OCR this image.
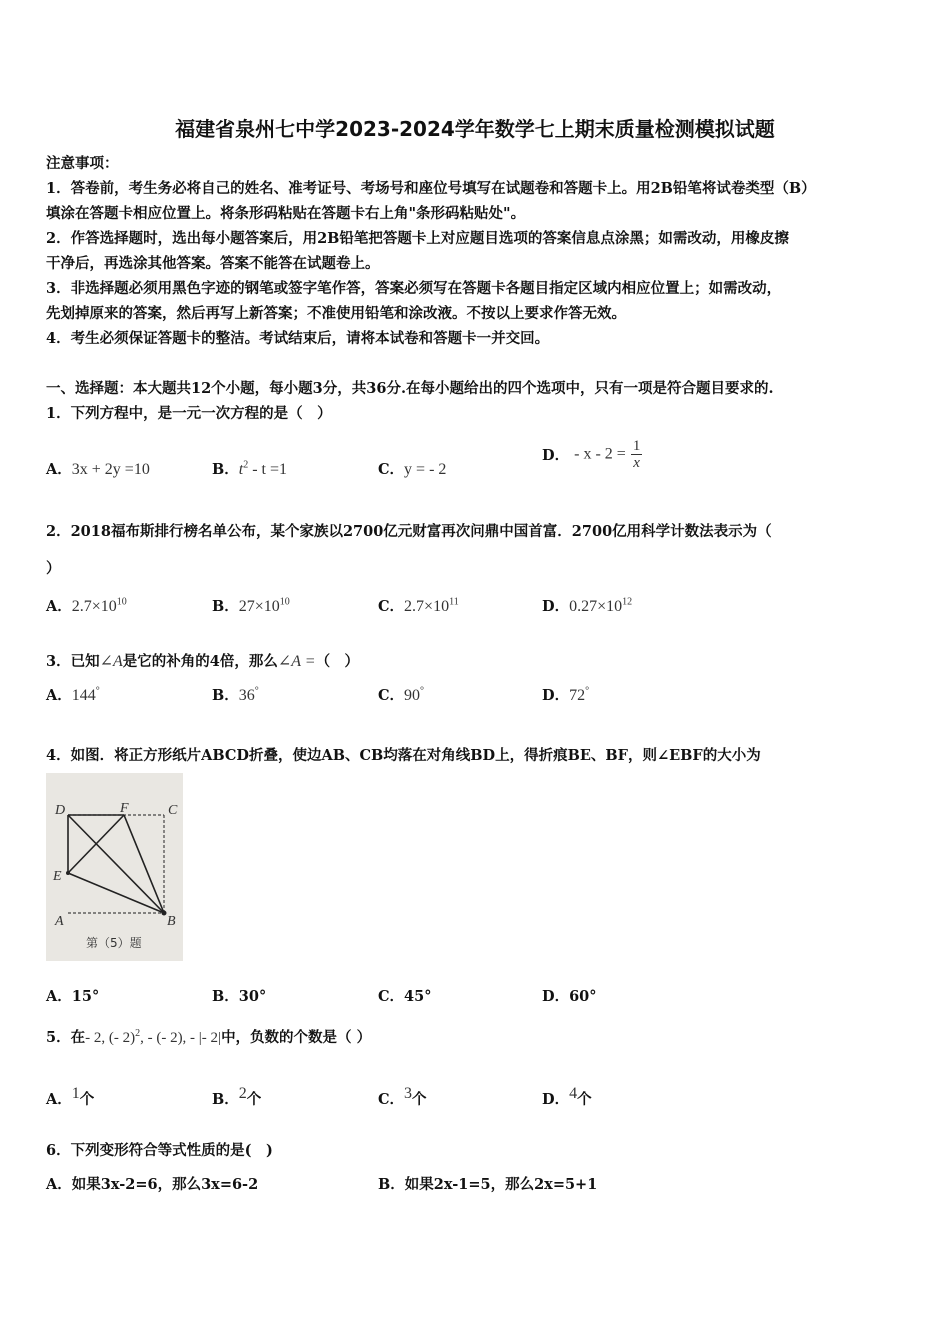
福建省泉州七中学2023-2024学年数学七上期末质量检测模拟试题
注意事项：
1．答卷前，考生务必将自己的姓名、准考证号、考场号和座位号填写在试题卷和答题卡上。用2B铅笔将试卷类型（B）
填涂在答题卡相应位置上。将条形码粘贴在答题卡右上角"条形码粘贴处"。
2．作答选择题时，选出每小题答案后，用2B铅笔把答题卡上对应题目选项的答案信息点涂黑；如需改动，用橡皮擦
干净后，再选涂其他答案。答案不能答在试题卷上。
3．非选择题必须用黑色字迹的钢笔或签字笔作答，答案必须写在答题卡各题目指定区域内相应位置上；如需改动，
先划掉原来的答案，然后再写上新答案；不准使用铅笔和涂改液。不按以上要求作答无效。
4．考生必须保证答题卡的整洁。考试结束后，请将本试卷和答题卡一并交回。
一、选择题：本大题共12个小题，每小题3分，共36分.在每小题给出的四个选项中，只有一项是符合题目要求的.
1．下列方程中，是一元一次方程的是（　）
A．3x + 2y =10	B．$t^2 - t =1$	C．y = - 2
D． - $x - 2 = \frac{1}{x}$
2．2018福布斯排行榜名单公布，某个家族以2700亿元财富再次问鼎中国首富．2700亿用科学计数法表示为（
）
A．$2.7\times 10^{10}$	B．$27\times 10^{10}$	C．$2.7\times 10^{11}$	D．$0.27\times 10^{12}$
3．已知∠A是它的补角的4倍，那么∠A =（　）
A．144°	B．36°	C．90°	D．72°
4．如图．将正方形纸片ABCD折叠，使边AB、CB均落在对角线BD上，得折痕BE、BF，则∠EBF的大小为
D	F	C
E
A	B
第（5）题
A．15°	B．30°	C．45°	D．60°
5．在- 2, (- 2)$^2$, - (- 2), - |- 2|中，负数的个数是（ ）
A．1个	B．2个	C．3个	D．4个
6．下列变形符合等式性质的是(　)
A．如果3x-2=6，那么3x=6-2	B．如果2x-1=5，那么2x=5+1
